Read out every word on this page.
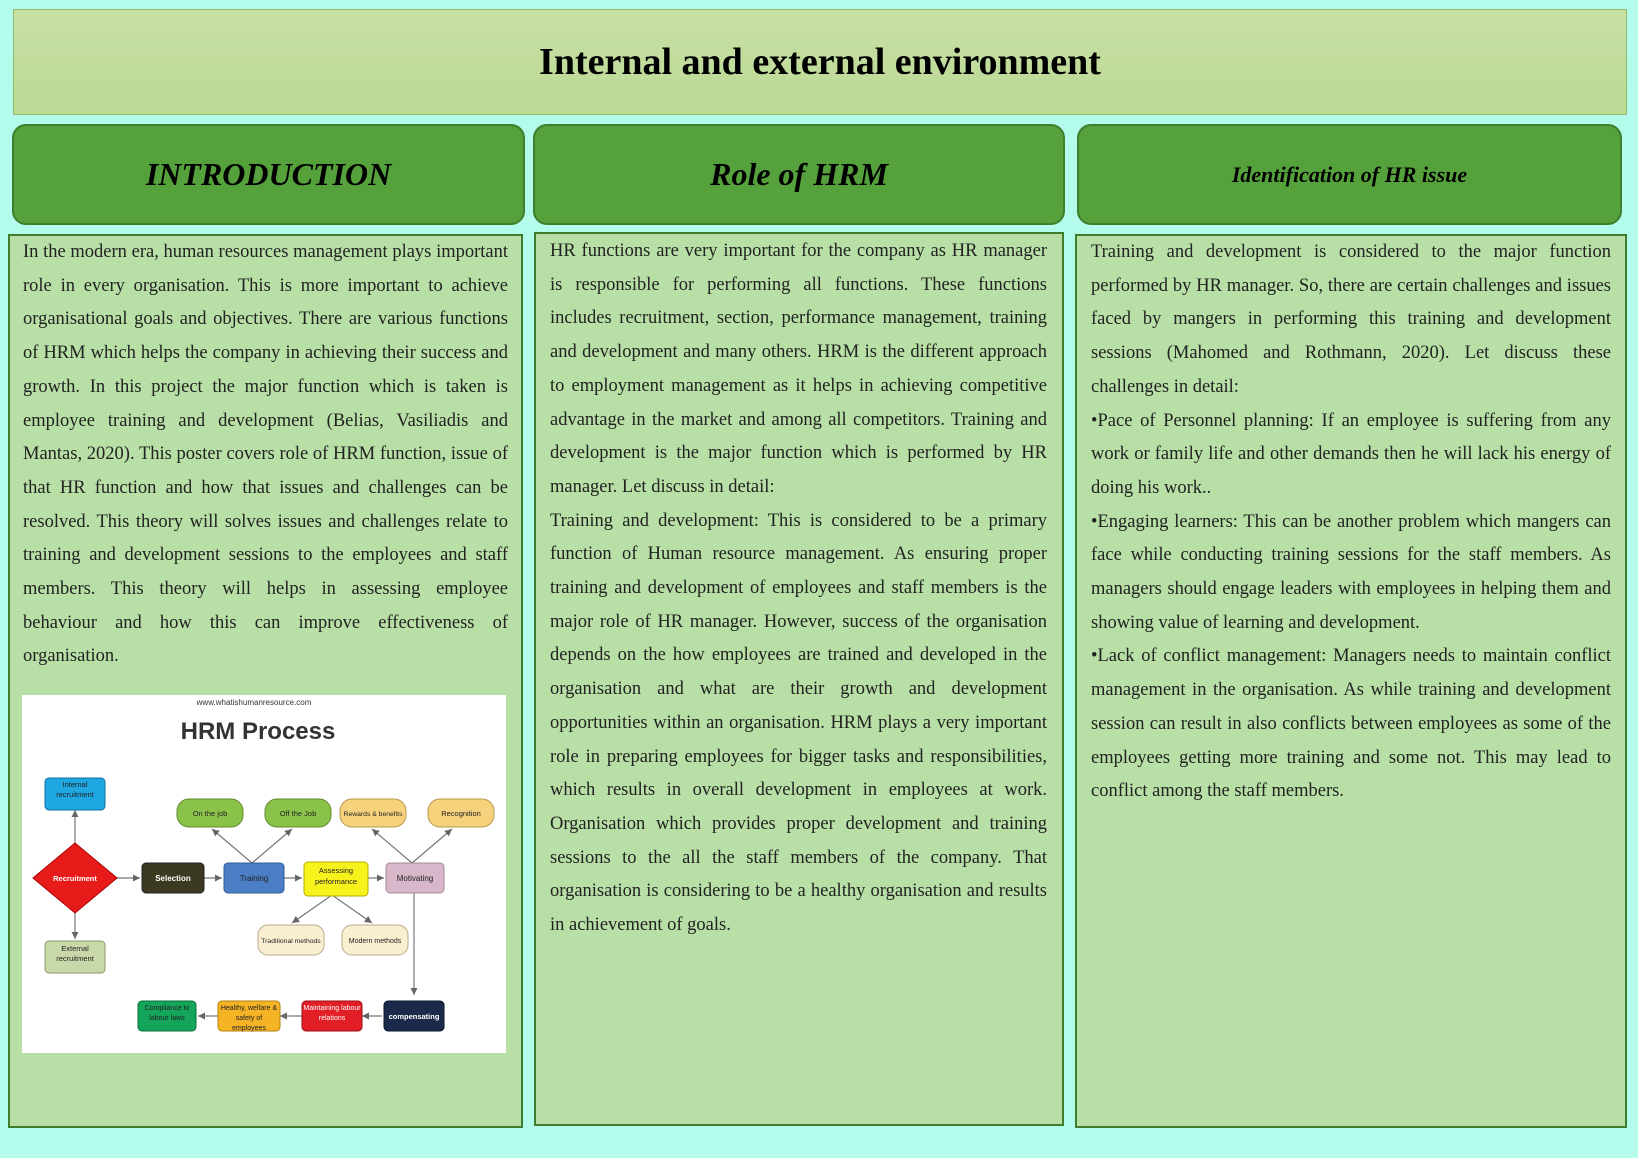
Internal and external environment
INTRODUCTION	Role of HRM	Identification of HR issue

In the modern era, human resources management plays important role in every organisation. This is more important to achieve organisational goals and objectives. There are various functions of HRM which helps the company in achieving their success and growth. In this project the major function which is taken is employee training and development (Belias, Vasiliadis and Mantas, 2020). This poster covers role of HRM function, issue of that HR function and how that issues and challenges can be resolved. This theory will solves issues and challenges relate to training and development sessions to the employees and staff members. This theory will helps in assessing employee behaviour and how this can improve effectiveness of organisation.

HR functions are very important for the company as HR manager is responsible for performing all functions. These functions includes recruitment, section, performance management, training and development and many others. HRM is the different approach to employment management as it helps in achieving competitive advantage in the market and among all competitors. Training and development is the major function which is performed by HR manager. Let discuss in detail:

Training and development: This is considered to be a primary function of Human resource management. As ensuring proper training and development of employees and staff members is the major role of HR manager. However, success of the organisation depends on the how employees are trained and developed in the organisation and what are their growth and development opportunities within an organisation. HRM plays a very important role in preparing employees for bigger tasks and responsibilities, which results in overall development in employees at work. Organisation which provides proper development and training sessions to the all the staff members of the company. That organisation is considering to be a healthy organisation and results in achievement of goals.

Training and development is considered to the major function performed by HR manager. So, there are certain challenges and issues faced by mangers in performing this training and development sessions (Mahomed and Rothmann, 2020). Let discuss these challenges in detail:

•Pace of Personnel planning: If an employee is suffering from any work or family life and other demands then he will lack his energy of doing his work..

•Engaging learners: This can be another problem which mangers can face while conducting training sessions for the staff members. As managers should engage leaders with employees in helping them and showing value of learning and development.

•Lack of conflict management: Managers needs to maintain conflict management in the organisation. As while training and development session can result in also conflicts between employees as some of the employees getting more training and some not. This may lead to conflict among the staff members.

www.whatishumanresource.com
HRM Process
Internal recruitment
Recruitment
External recruitment
Selection	Training
Assessing performance	Motivating
On the job	Off the Job	Rewards & benefits	Recognition
Traditional methods	Modern methods
compensating
Maintaining labour relations
Healthy, welfare & safety of employees
Compliance to labour laws
